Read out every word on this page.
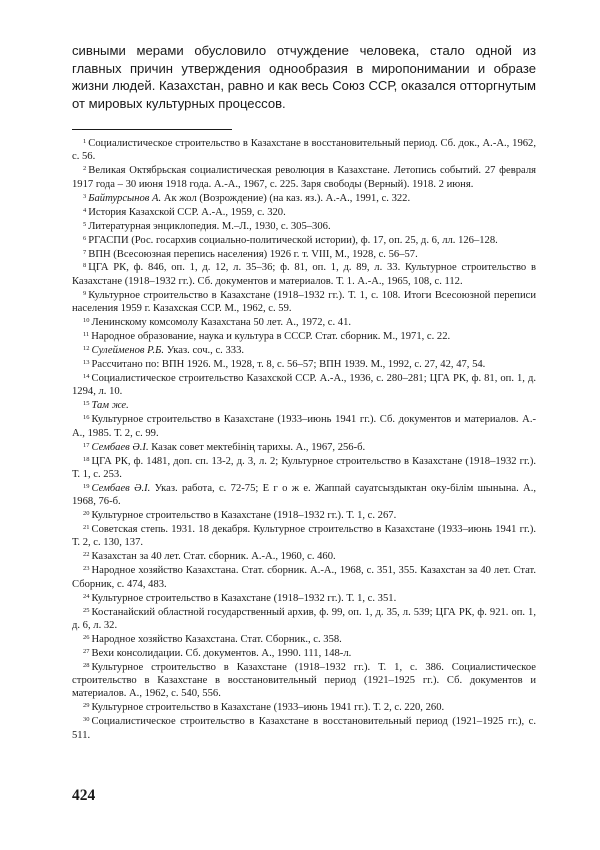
сивными мерами обусловило отчуждение человека, стало одной из главных причин утверждения однообразия в миропонимании и образе жизни людей. Казахстан, равно и как весь Союз ССР, оказался отторгнутым от мировых культурных процессов.

$^1$ Социалистическое строительство в Казахстане в восстановительный период. Сб. док., А.-А., 1962, с. 56.
$^2$ Великая Октябрьская социалистическая революция в Казахстане. Летопись событий. 27 февраля 1917 года – 30 июня 1918 года. А.-А., 1967, с. 225. Заря свободы (Верный). 1918. 2 июня.
$^3$ Байтурсынов А. Ак жол (Возрождение) (на каз. яз.). А.-А., 1991, с. 322.
$^4$ История Казахской ССР. А.-А., 1959, с. 320.
$^5$ Литературная энциклопедия. М.–Л., 1930, с. 305–306.
$^6$ РГАСПИ (Рос. госархив социально-политической истории), ф. 17, оп. 25, д. 6, лл. 126–128.
$^7$ ВПН (Всесоюзная перепись населения) 1926 г. т. VIII, М., 1928, с. 56–57.
$^8$ ЦГА РК, ф. 846, оп. 1, д. 12, л. 35–36; ф. 81, оп. 1, д. 89, л. 33. Культурное строительство в Казахстане (1918–1932 гг.). Сб. документов и материалов. Т. 1. А.-А., 1965, 108, с. 112.
$^9$ Культурное строительство в Казахстане (1918–1932 гг.). Т. 1, с. 108. Итоги Всесоюзной переписи населения 1959 г. Казахская ССР. М., 1962, с. 59.
$^{10}$ Ленинскому комсомолу Казахстана 50 лет. А., 1972, с. 41.
$^{11}$ Народное образование, наука и культура в СССР. Стат. сборник. М., 1971, с. 22.
$^{12}$ Сулейменов Р.Б. Указ. соч., с. 333.
$^{13}$ Рассчитано по: ВПН 1926. М., 1928, т. 8, с. 56–57; ВПН 1939. М., 1992, с. 27, 42, 47, 54.
$^{14}$ Социалистическое строительство Казахской ССР. А.-А., 1936, с. 280–281; ЦГА РК, ф. 81, оп. 1, д. 1294, л. 10.
$^{15}$ Там же.
$^{16}$ Культурное строительство в Казахстане (1933–июнь 1941 гг.). Сб. документов и материалов. А.-А., 1985. Т. 2, с. 99.
$^{17}$ Сембаев Ә.І. Казак совет мектебінің тарихы. А., 1967, 256-б.
$^{18}$ ЦГА РК, ф. 1481, доп. сп. 13-2, д. 3, л. 2; Культурное строительство в Казахстане (1918–1932 гг.). Т. 1, с. 253.
$^{19}$ Сембаев Ә.І. Указ. работа, с. 72-75; Е г о ж е. Жаппай сауатсыздыктан оку-білім шынына. А., 1968, 76-б.
$^{20}$ Культурное строительство в Казахстане (1918–1932 гг.). Т. 1, с. 267.
$^{21}$ Советская степь. 1931. 18 декабря. Культурное строительство в Казахстане (1933–июнь 1941 гг.). Т. 2, с. 130, 137.
$^{22}$ Казахстан за 40 лет. Стат. сборник. А.-А., 1960, с. 460.
$^{23}$ Народное хозяйство Казахстана. Стат. сборник. А.-А., 1968, с. 351, 355. Казахстан за 40 лет. Стат. Сборник, с. 474, 483.
$^{24}$ Культурное строительство в Казахстане (1918–1932 гг.). Т. 1, с. 351.
$^{25}$ Костанайский областной государственный архив, ф. 99, оп. 1, д. 35, л. 539; ЦГА РК, ф. 921. оп. 1, д. 6, л. 32.
$^{26}$ Народное хозяйство Казахстана. Стат. Сборник., с. 358.
$^{27}$ Вехи консолидации. Сб. документов. А., 1990. 111, 148-л.
$^{28}$ Культурное строительство в Казахстане (1918–1932 гг.). Т. 1, с. 386. Социалистическое строительство в Казахстане в восстановительный период (1921–1925 гг.). Сб. документов и материалов. А., 1962, с. 540, 556.
$^{29}$ Культурное строительство в Казахстане (1933–июнь 1941 гг.). Т. 2, с. 220, 260.
$^{30}$ Социалистическое строительство в Казахстане в восстановительный период (1921–1925 гг.), с. 511.
424
